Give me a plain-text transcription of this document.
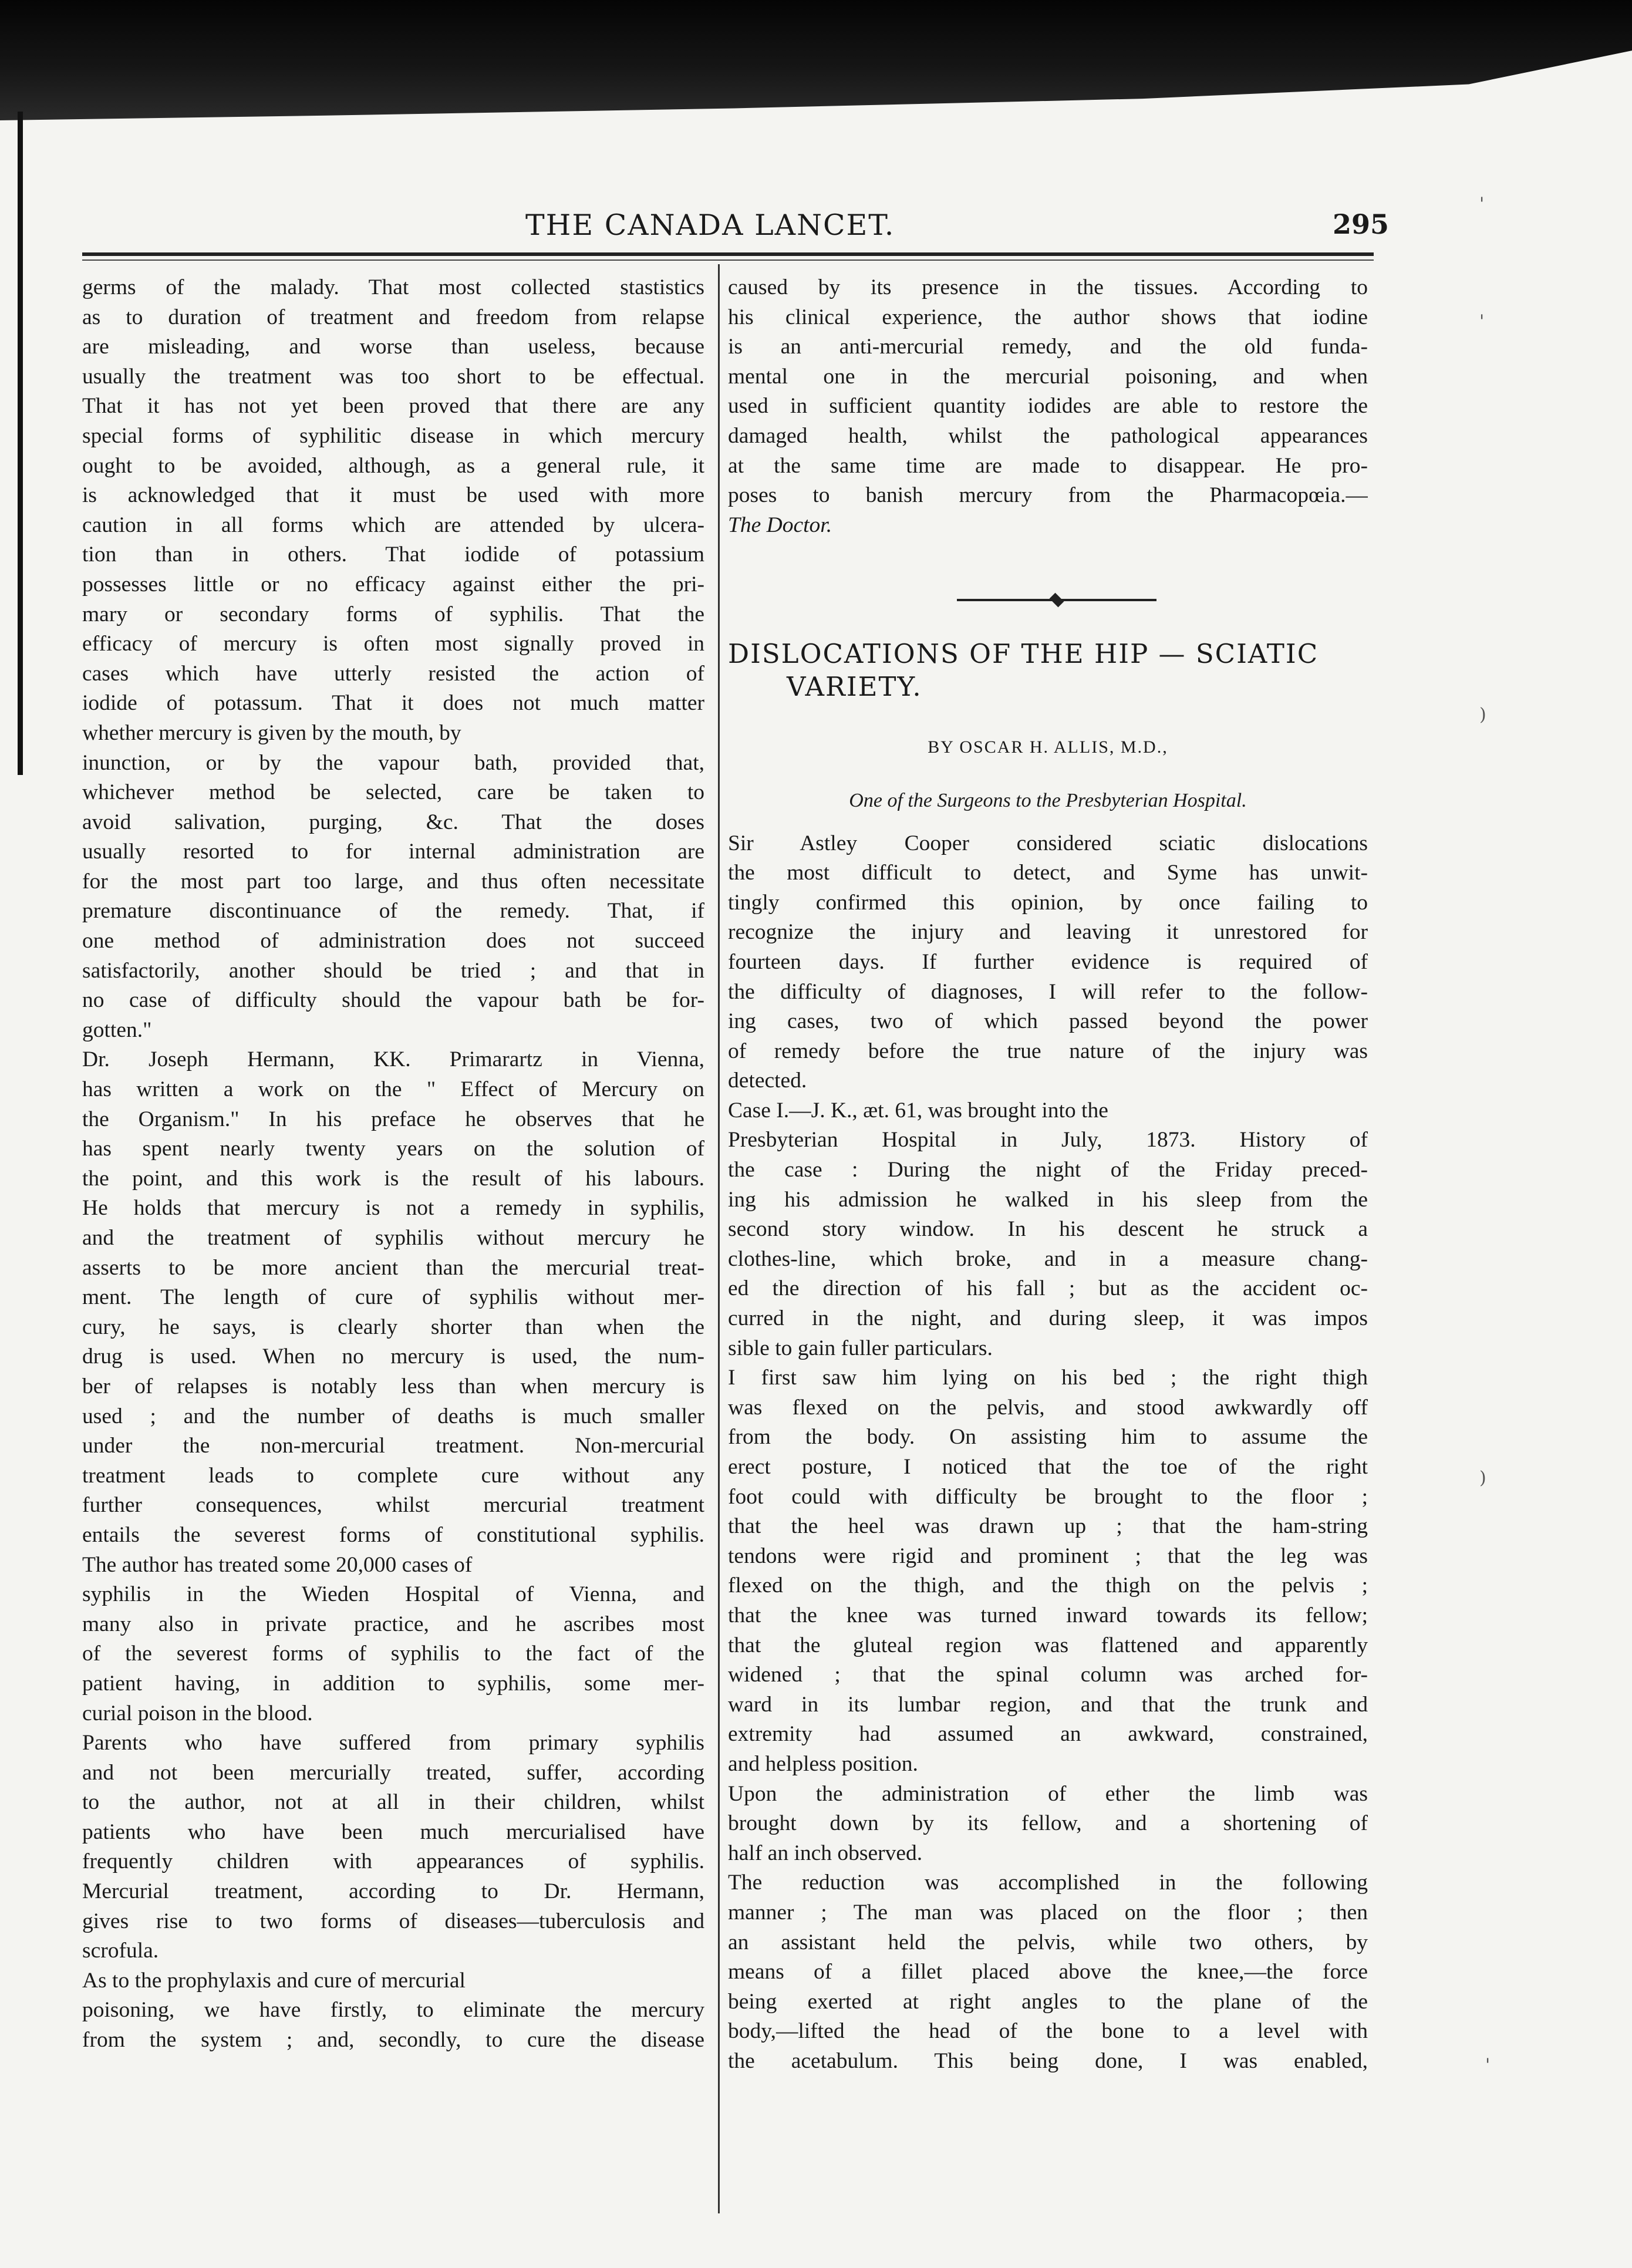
THE CANADA LANCET.	295
germs of the malady. That most collected stastistics
as to duration of treatment and freedom from relapse
are misleading, and worse than useless, because
usually the treatment was too short to be effectual.
That it has not yet been proved that there are any
special forms of syphilitic disease in which mercury
ought to be avoided, although, as a general rule, it
is acknowledged that it must be used with more
caution in all forms which are attended by ulcera-
tion than in others. That iodide of potassium
possesses little or no efficacy against either the pri-
mary or secondary forms of syphilis. That the
efficacy of mercury is often most signally proved in
cases which have utterly resisted the action of
iodide of potassum. That it does not much matter
whether mercury is given by the mouth, by
inunction, or by the vapour bath, provided that,
whichever method be selected, care be taken to
avoid salivation, purging, &c. That the doses
usually resorted to for internal administration are
for the most part too large, and thus often necessitate
premature discontinuance of the remedy. That, if
one method of administration does not succeed
satisfactorily, another should be tried ; and that in
no case of difficulty should the vapour bath be for-
gotten."
Dr. Joseph Hermann, KK. Primarartz in Vienna,
has written a work on the " Effect of Mercury on
the Organism." In his preface he observes that he
has spent nearly twenty years on the solution of
the point, and this work is the result of his labours.
He holds that mercury is not a remedy in syphilis,
and the treatment of syphilis without mercury he
asserts to be more ancient than the mercurial treat-
ment. The length of cure of syphilis without mer-
cury, he says, is clearly shorter than when the
drug is used. When no mercury is used, the num-
ber of relapses is notably less than when mercury is
used ; and the number of deaths is much smaller
under the non-mercurial treatment. Non-mercurial
treatment leads to complete cure without any
further consequences, whilst mercurial treatment
entails the severest forms of constitutional syphilis.
The author has treated some 20,000 cases of
syphilis in the Wieden Hospital of Vienna, and
many also in private practice, and he ascribes most
of the severest forms of syphilis to the fact of the
patient having, in addition to syphilis, some mer-
curial poison in the blood.
Parents who have suffered from primary syphilis
and not been mercurially treated, suffer, according
to the author, not at all in their children, whilst
patients who have been much mercurialised have
frequently children with appearances of syphilis.
Mercurial treatment, according to Dr. Hermann,
gives rise to two forms of diseases—tuberculosis and
scrofula.
As to the prophylaxis and cure of mercurial
poisoning, we have firstly, to eliminate the mercury
from the system ; and, secondly, to cure the disease
caused by its presence in the tissues. According to
his clinical experience, the author shows that iodine
is an anti-mercurial remedy, and the old funda-
mental one in the mercurial poisoning, and when
used in sufficient quantity iodides are able to restore the
damaged health, whilst the pathological appearances
at the same time are made to disappear. He pro-
poses to banish mercury from the Pharmacopœia.—
The Doctor.
DISLOCATIONS OF THE HIP — SCIATIC
VARIETY.
BY OSCAR H. ALLIS, M.D.,
One of the Surgeons to the Presbyterian Hospital.
Sir Astley Cooper considered sciatic dislocations
the most difficult to detect, and Syme has unwit-
tingly confirmed this opinion, by once failing to
recognize the injury and leaving it unrestored for
fourteen days. If further evidence is required of
the difficulty of diagnoses, I will refer to the follow-
ing cases, two of which passed beyond the power
of remedy before the true nature of the injury was
detected.
Case I.—J. K., æt. 61, was brought into the
Presbyterian Hospital in July, 1873. History of
the case : During the night of the Friday preced-
ing his admission he walked in his sleep from the
second story window. In his descent he struck a
clothes-line, which broke, and in a measure chang-
ed the direction of his fall ; but as the accident oc-
curred in the night, and during sleep, it was impos
sible to gain fuller particulars.
I first saw him lying on his bed ; the right thigh
was flexed on the pelvis, and stood awkwardly off
from the body. On assisting him to assume the
erect posture, I noticed that the toe of the right
foot could with difficulty be brought to the floor ;
that the heel was drawn up ; that the ham-string
tendons were rigid and prominent ; that the leg was
flexed on the thigh, and the thigh on the pelvis ;
that the knee was turned inward towards its fellow;
that the gluteal region was flattened and apparently
widened ; that the spinal column was arched for-
ward in its lumbar region, and that the trunk and
extremity had assumed an awkward, constrained,
and helpless position.
Upon the administration of ether the limb was
brought down by its fellow, and a shortening of
half an inch observed.
The reduction was accomplished in the following
manner ; The man was placed on the floor ; then
an assistant held the pelvis, while two others, by
means of a fillet placed above the knee,—the force
being exerted at right angles to the plane of the
body,—lifted the head of the bone to a level with
the acetabulum. This being done, I was enabled,
'
'
)
)
'
